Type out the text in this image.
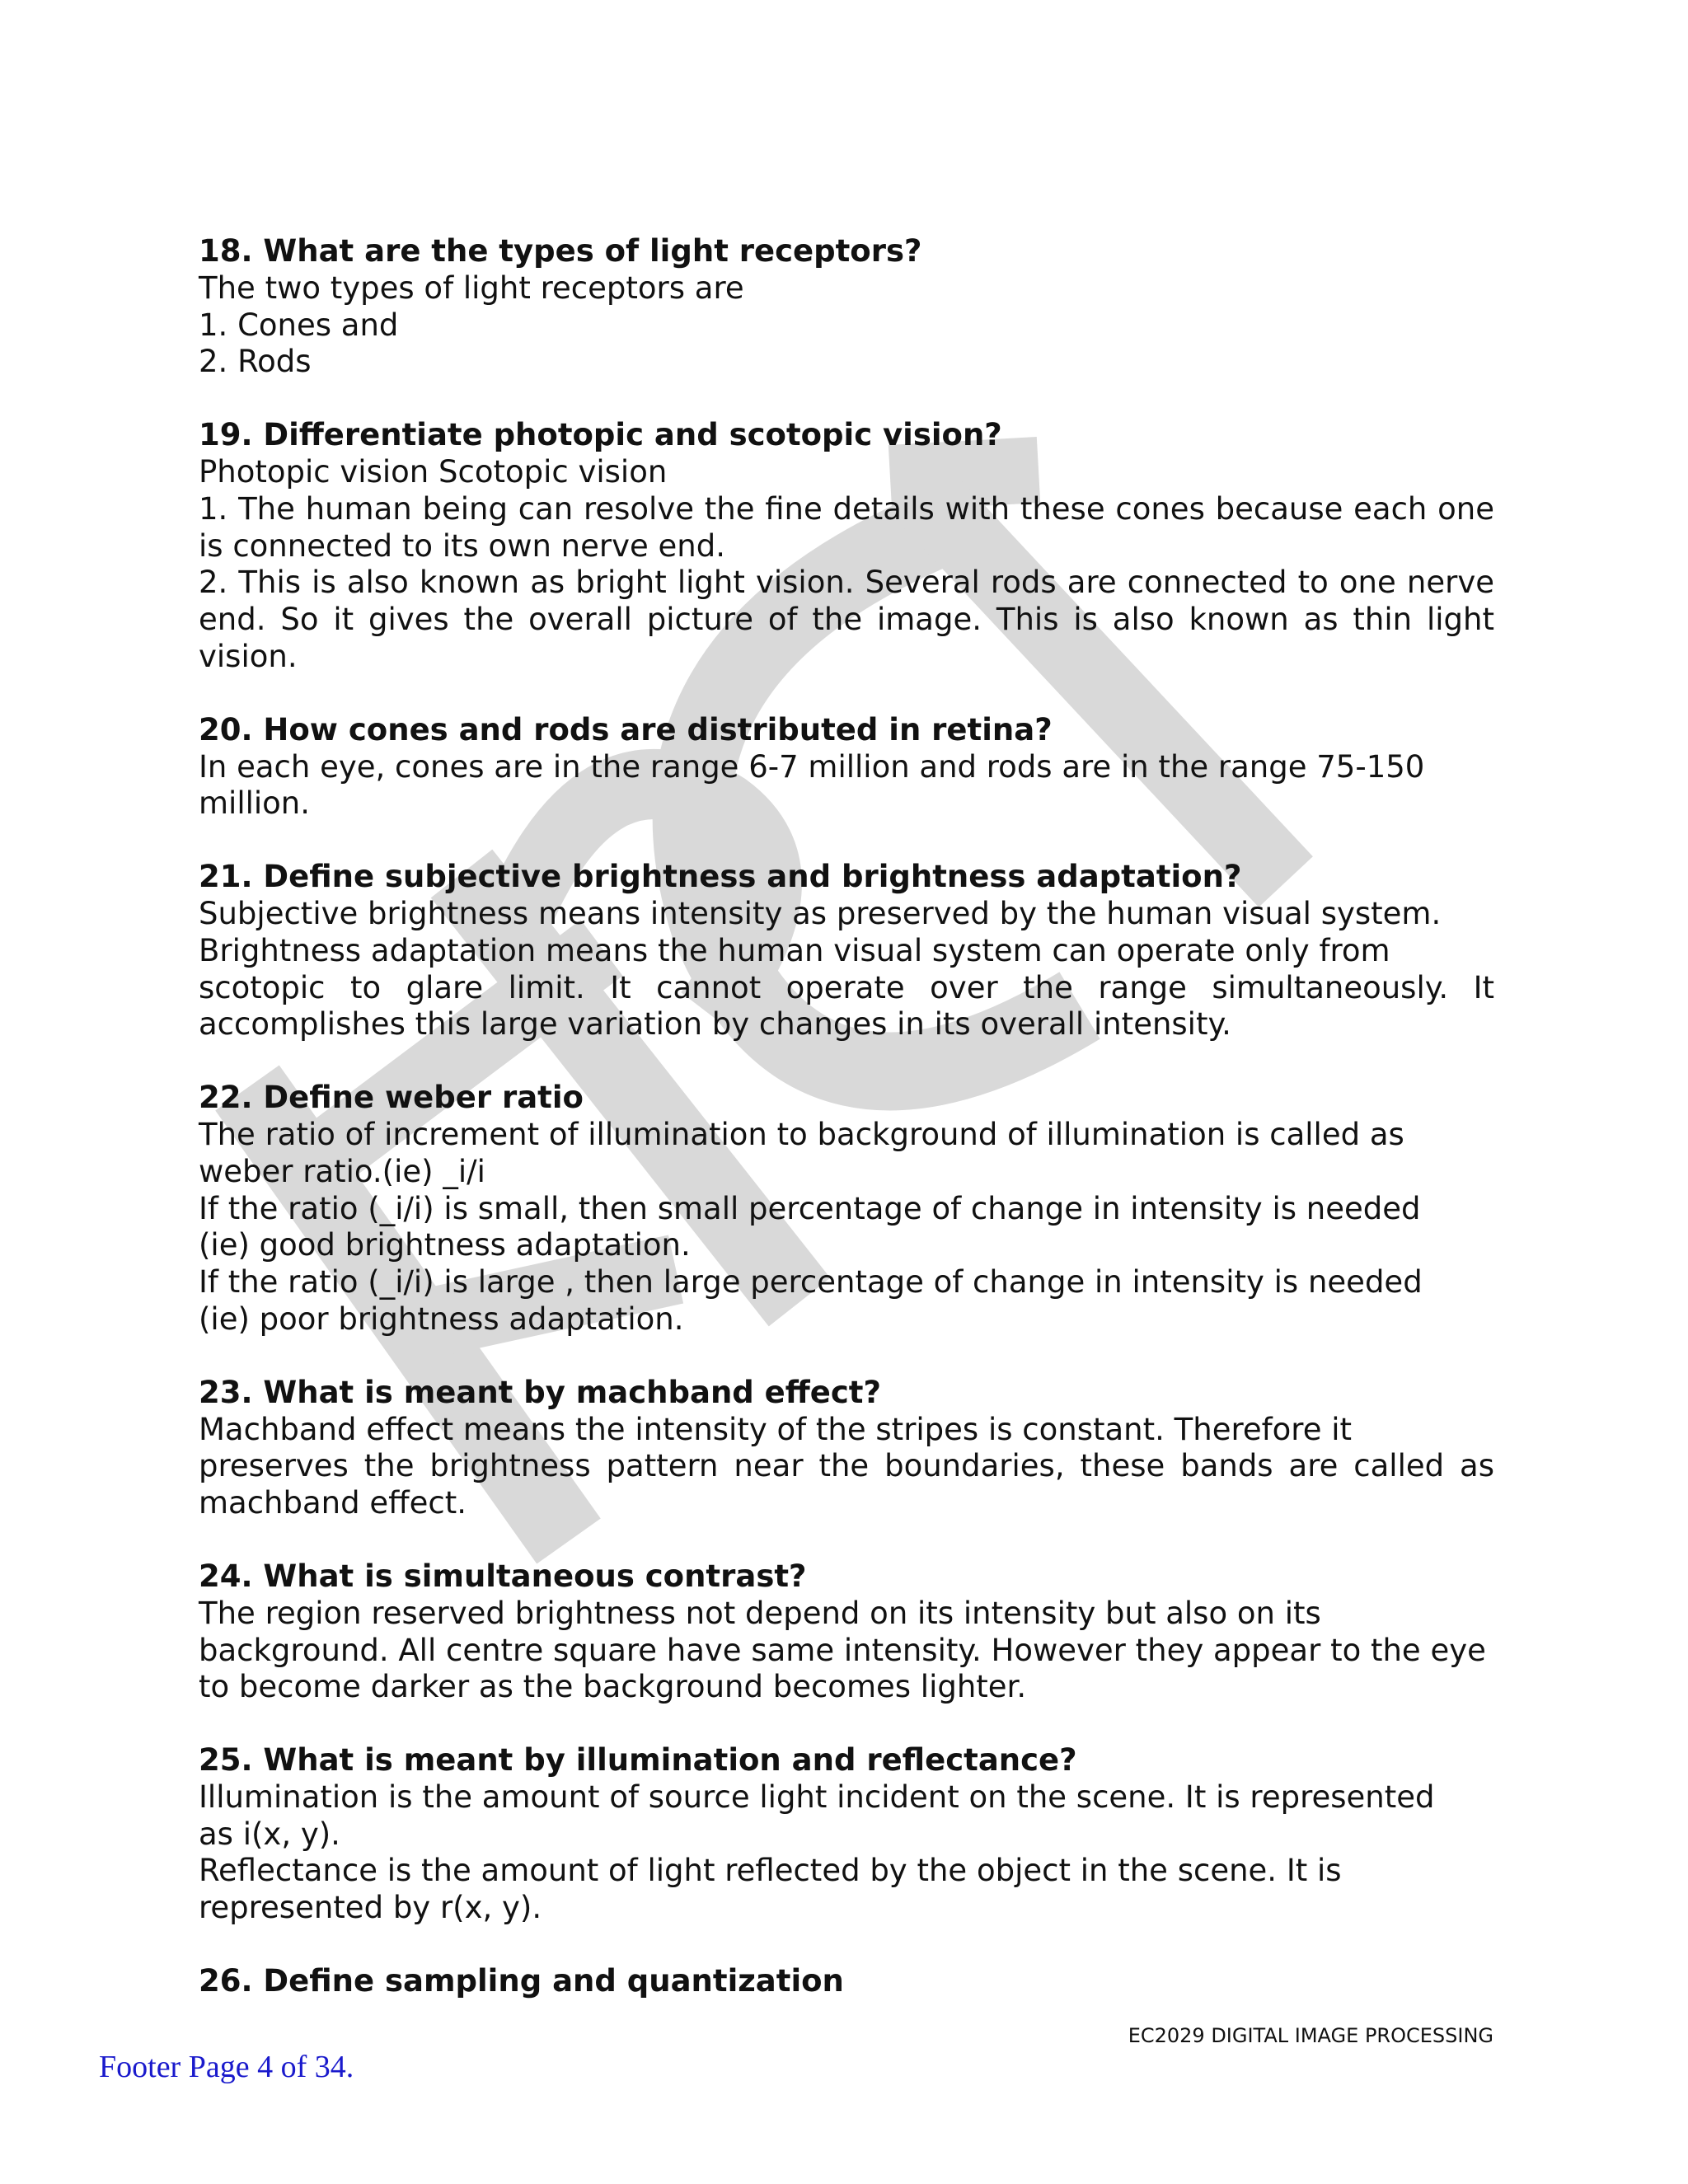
18. What are the types of light receptors?

The two types of light receptors are

1. Cones and

2. Rods

19. Differentiate photopic and scotopic vision?

Photopic vision Scotopic vision

1. The human being can resolve the fine details with these cones because each one

is connected to its own nerve end.

2. This is also known as bright light vision. Several rods are connected to one nerve

end. So it gives the overall picture of the image. This is also known as thin light

vision.

20. How cones and rods are distributed in retina?

In each eye, cones are in the range 6-7 million and rods are in the range 75-150

million.

21. Define subjective brightness and brightness adaptation?

Subjective brightness means intensity as preserved by the human visual system.

Brightness adaptation means the human visual system can operate only from

scotopic to glare limit. It cannot operate over the range simultaneously. It

accomplishes this large variation by changes in its overall intensity.

22. Define weber ratio

The ratio of increment of illumination to background of illumination is called as

weber ratio.(ie) _i/i

If the ratio (_i/i) is small, then small percentage of change in intensity is needed

(ie) good brightness adaptation.

If the ratio (_i/i) is large , then large percentage of change in intensity is needed

(ie) poor brightness adaptation.

23. What is meant by machband effect?

Machband effect means the intensity of the stripes is constant. Therefore it

preserves the brightness pattern near the boundaries, these bands are called as

machband effect.

24. What is simultaneous contrast?

The region reserved brightness not depend on its intensity but also on its

background. All centre square have same intensity. However they appear to the eye

to become darker as the background becomes lighter.

25. What is meant by illumination and reflectance?

Illumination is the amount of source light incident on the scene. It is represented

as i(x, y).

Reflectance is the amount of light reflected by the object in the scene. It is

represented by r(x, y).

26. Define sampling and quantization

EC2029 DIGITAL IMAGE PROCESSING
Footer Page 4 of 34.
